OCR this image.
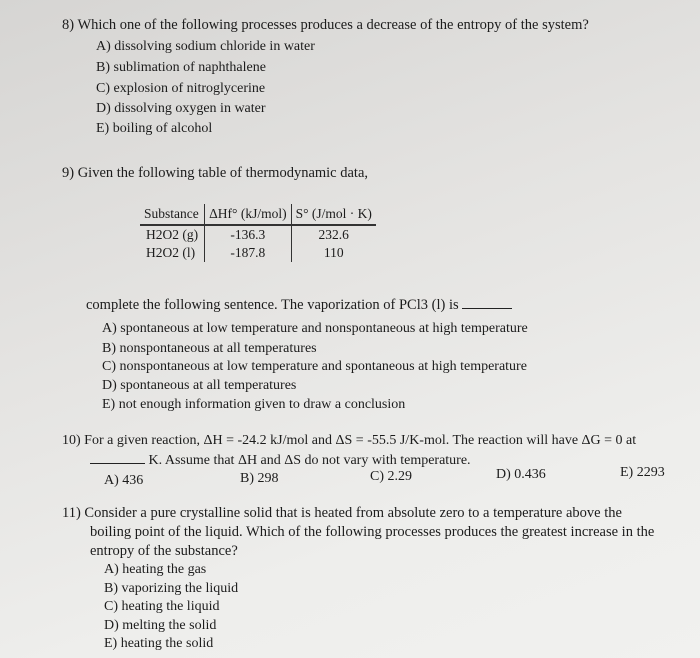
8) Which one of the following processes produces a decrease of the entropy of the system?
A) dissolving sodium chloride in water
B) sublimation of naphthalene
C) explosion of nitroglycerine
D) dissolving oxygen in water
E) boiling of alcohol
9) Given the following table of thermodynamic data,
Substance	ΔHf° (kJ/mol)	S° (J/mol · K)
H2O2 (g)	-136.3	232.6
H2O2 (l)	-187.8	110
complete the following sentence. The vaporization of PCl3 (l) is
A) spontaneous at low temperature and nonspontaneous at high temperature
B) nonspontaneous at all temperatures
C) nonspontaneous at low temperature and spontaneous at high temperature
D) spontaneous at all temperatures
E) not enough information given to draw a conclusion
10) For a given reaction, ΔH = -24.2 kJ/mol and ΔS = -55.5 J/K-mol. The reaction will have ΔG = 0 at
K. Assume that ΔH and ΔS do not vary with temperature.
A) 436	B) 298	C) 2.29	D) 0.436	E) 2293
11) Consider a pure crystalline solid that is heated from absolute zero to a temperature above the
boiling point of the liquid. Which of the following processes produces the greatest increase in the
entropy of the substance?
A) heating the gas
B) vaporizing the liquid
C) heating the liquid
D) melting the solid
E) heating the solid
